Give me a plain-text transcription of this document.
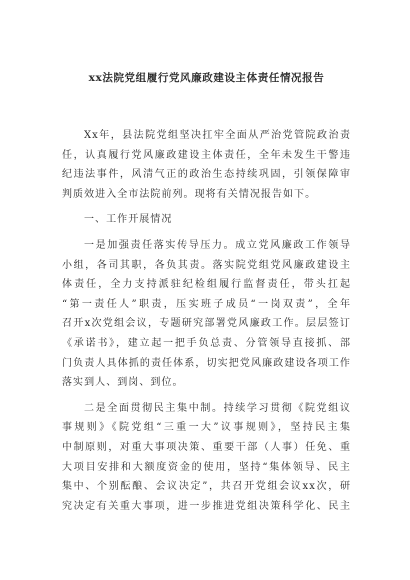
xx法院党组履行党风廉政建设主体责任情况报告
Xx年，县法院党组坚决扛牢全面从严治党管院政治责
任，认真履行党风廉政建设主体责任，全年未发生干警违
纪违法事件，风清气正的政治生态持续巩固，引领保障审
判质效进入全市法院前列。现将有关情况报告如下。
一、工作开展情况
一是加强责任落实传导压力。成立党风廉政工作领导
小组，各司其职，各负其责。落实院党组党风廉政建设主
体责任，全力支持派驻纪检组履行监督责任，带头扛起
“第一责任人”职责，压实班子成员“一岗双责”，全年
召开x次党组会议，专题研究部署党风廉政工作。层层签订
《承诺书》，建立起一把手负总责、分管领导直接抓、部
门负责人具体抓的责任体系，切实把党风廉政建设各项工作
落实到人、到岗、到位。
二是全面贯彻民主集中制。持续学习贯彻《院党组议
事规则》《院党组“三重一大”议事规则》，坚持民主集
中制原则，对重大事项决策、重要干部（人事）任免、重
大项目安排和大额度资金的使用，坚持“集体领导、民主
集中、个别酝酿、会议决定”，共召开党组会议xx次，研
究决定有关重大事项，进一步推进党组决策科学化、民主
